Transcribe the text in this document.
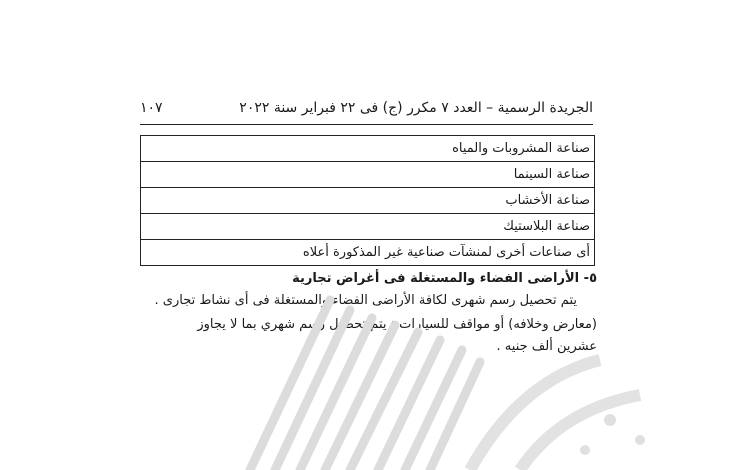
الجريدة الرسمية – العدد ٧ مكرر (ج) فى ٢٢ فبراير سنة ٢٠٢٢
١٠٧
صناعة المشروبات والمياه
صناعة السينما
صناعة الأخشاب
صناعة البلاستيك
أى صناعات أخرى لمنشآت صناعية غير المذكورة أعلاه
٥- الأراضى الفضاء والمستغلة فى أغراض تجارية

يتم تحصيل رسم شهرى لكافة الأراضى الفضاء والمستغلة فى أى نشاط تجارى .

(معارض وخلافه) أو مواقف للسيارات : يتم تحصيل رسم شهري بما لا يجاوز

عشرين ألف جنيه .
